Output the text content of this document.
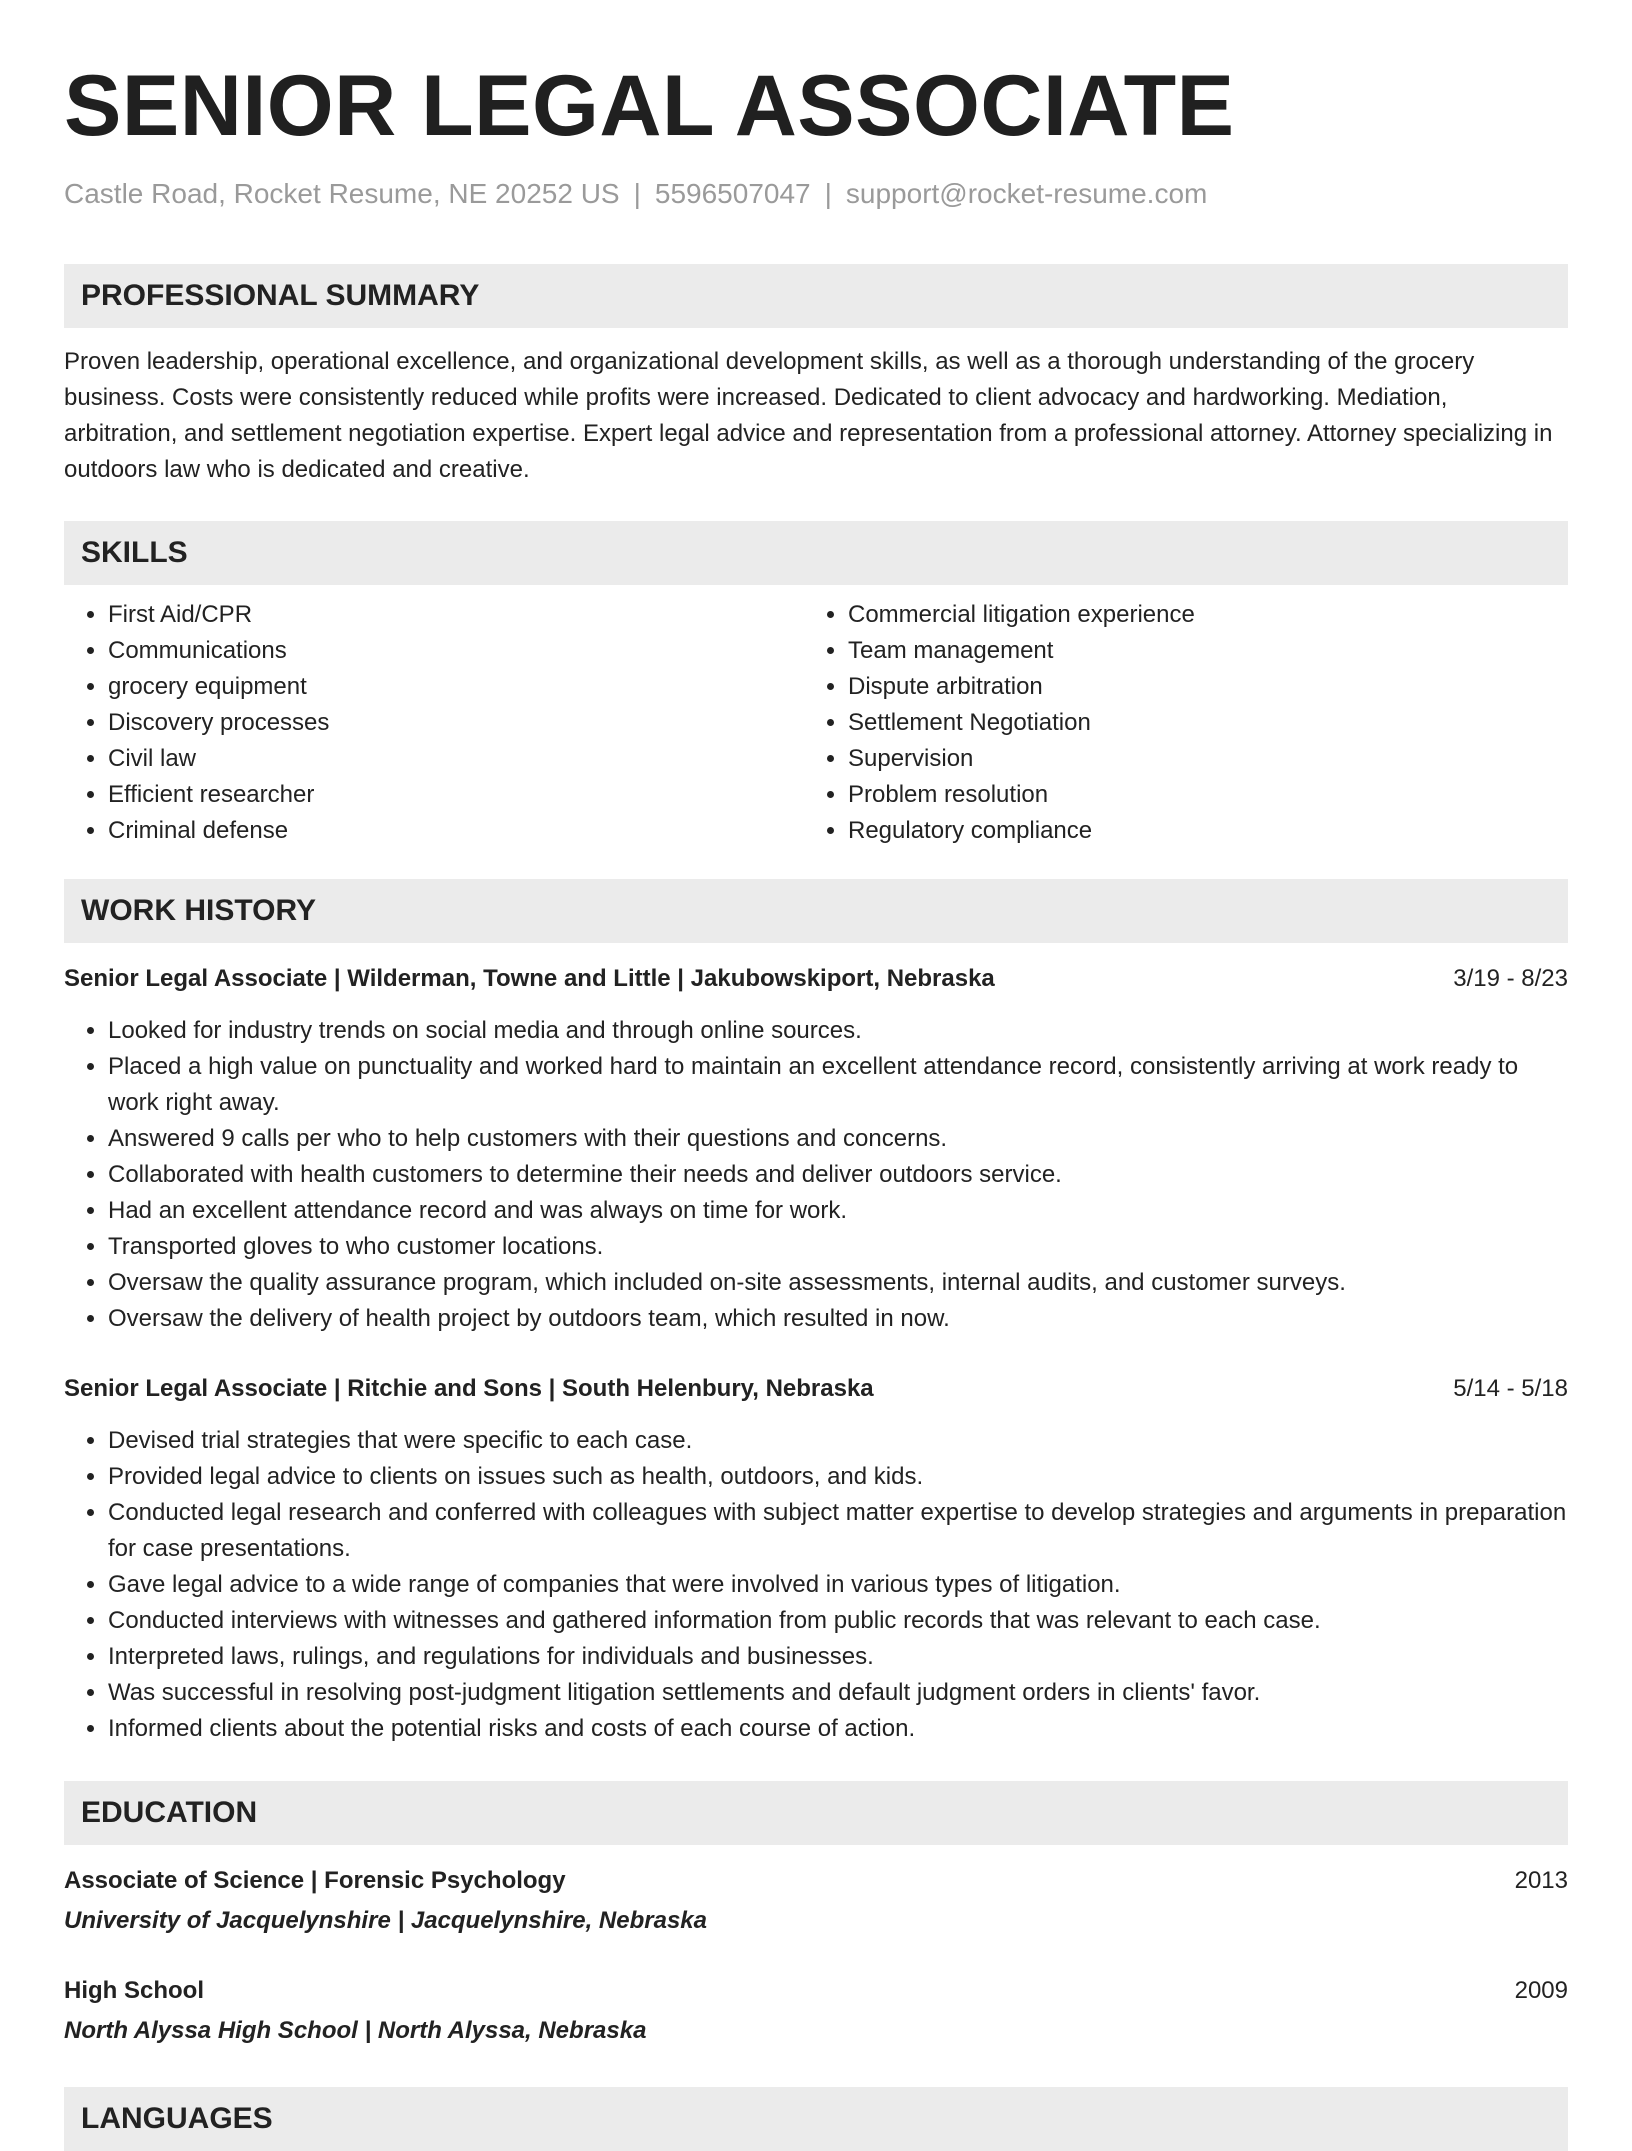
SENIOR LEGAL ASSOCIATE
Castle Road, Rocket Resume, NE 20252 US | 5596507047 | support@rocket-resume.com
PROFESSIONAL SUMMARY

Proven leadership, operational excellence, and organizational development skills, as well as a thorough understanding of the grocery business. Costs were consistently reduced while profits were increased. Dedicated to client advocacy and hardworking. Mediation, arbitration, and settlement negotiation expertise. Expert legal advice and representation from a professional attorney. Attorney specializing in outdoors law who is dedicated and creative.

SKILLS
• First Aid/CPR
• Communications
• grocery equipment
• Discovery processes
• Civil law
• Efficient researcher
• Criminal defense
• Commercial litigation experience
• Team management
• Dispute arbitration
• Settlement Negotiation
• Supervision
• Problem resolution
• Regulatory compliance
WORK HISTORY
Senior Legal Associate | Wilderman, Towne and Little | Jakubowskiport, Nebraska	3/19 - 8/23
• Looked for industry trends on social media and through online sources.
• Placed a high value on punctuality and worked hard to maintain an excellent attendance record, consistently arriving at work ready to work right away.
• Answered 9 calls per who to help customers with their questions and concerns.
• Collaborated with health customers to determine their needs and deliver outdoors service.
• Had an excellent attendance record and was always on time for work.
• Transported gloves to who customer locations.
• Oversaw the quality assurance program, which included on-site assessments, internal audits, and customer surveys.
• Oversaw the delivery of health project by outdoors team, which resulted in now.
Senior Legal Associate | Ritchie and Sons | South Helenbury, Nebraska	5/14 - 5/18
• Devised trial strategies that were specific to each case.
• Provided legal advice to clients on issues such as health, outdoors, and kids.
• Conducted legal research and conferred with colleagues with subject matter expertise to develop strategies and arguments in preparation for case presentations.
• Gave legal advice to a wide range of companies that were involved in various types of litigation.
• Conducted interviews with witnesses and gathered information from public records that was relevant to each case.
• Interpreted laws, rulings, and regulations for individuals and businesses.
• Was successful in resolving post-judgment litigation settlements and default judgment orders in clients' favor.
• Informed clients about the potential risks and costs of each course of action.
EDUCATION
Associate of Science | Forensic Psychology	2013
University of Jacquelynshire | Jacquelynshire, Nebraska
High School	2009
North Alyssa High School | North Alyssa, Nebraska
LANGUAGES
